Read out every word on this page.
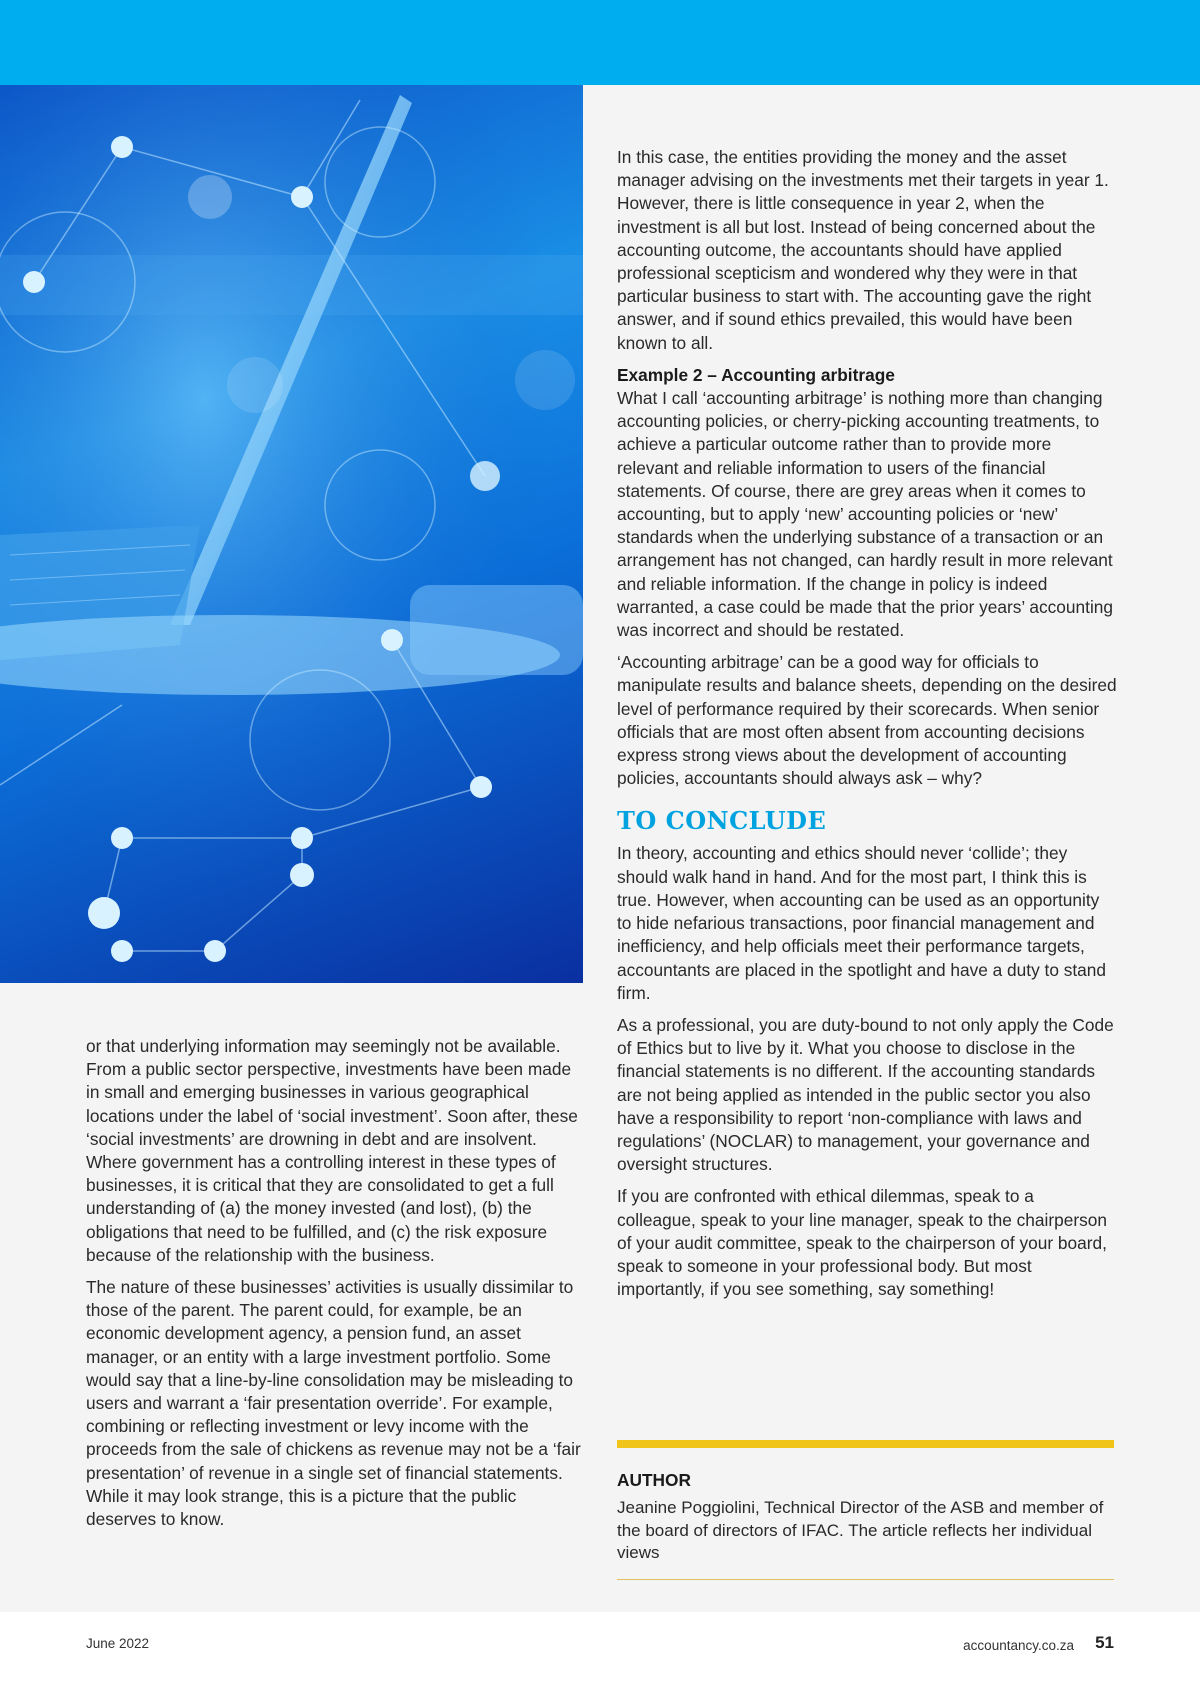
or that underlying information may seemingly not be available. From a public sector perspective, investments have been made in small and emerging businesses in various geographical locations under the label of ‘social investment’. Soon after, these ‘social investments’ are drowning in debt and are insolvent. Where government has a controlling interest in these types of businesses, it is critical that they are consolidated to get a full understanding of (a) the money invested (and lost), (b) the obligations that need to be fulfilled, and (c) the risk exposure because of the relationship with the business.

The nature of these businesses’ activities is usually dissimilar to those of the parent. The parent could, for example, be an economic development agency, a pension fund, an asset manager, or an entity with a large investment portfolio. Some would say that a line-by-line consolidation may be misleading to users and warrant a ‘fair presentation override’. For example, combining or reflecting investment or levy income with the proceeds from the sale of chickens as revenue may not be a ‘fair presentation’ of revenue in a single set of financial statements. While it may look strange, this is a picture that the public deserves to know.

In this case, the entities providing the money and the asset manager advising on the investments met their targets in year 1. However, there is little consequence in year 2, when the investment is all but lost. Instead of being concerned about the accounting outcome, the accountants should have applied professional scepticism and wondered why they were in that particular business to start with. The accounting gave the right answer, and if sound ethics prevailed, this would have been known to all.

Example 2 – Accounting arbitrage

What I call ‘accounting arbitrage’ is nothing more than changing accounting policies, or cherry-picking accounting treatments, to achieve a particular outcome rather than to provide more relevant and reliable information to users of the financial statements. Of course, there are grey areas when it comes to accounting, but to apply ‘new’ accounting policies or ‘new’ standards when the underlying substance of a transaction or an arrangement has not changed, can hardly result in more relevant and reliable information. If the change in policy is indeed warranted, a case could be made that the prior years’ accounting was incorrect and should be restated.

‘Accounting arbitrage’ can be a good way for officials to manipulate results and balance sheets, depending on the desired level of performance required by their scorecards. When senior officials that are most often absent from accounting decisions express strong views about the development of accounting policies, accountants should always ask – why?

TO CONCLUDE

In theory, accounting and ethics should never ‘collide’; they should walk hand in hand. And for the most part, I think this is true. However, when accounting can be used as an opportunity to hide nefarious transactions, poor financial management and inefficiency, and help officials meet their performance targets, accountants are placed in the spotlight and have a duty to stand firm.

As a professional, you are duty-bound to not only apply the Code of Ethics but to live by it. What you choose to disclose in the financial statements is no different. If the accounting standards are not being applied as intended in the public sector you also have a responsibility to report ‘non-compliance with laws and regulations’ (NOCLAR) to management, your governance and oversight structures.

If you are confronted with ethical dilemmas, speak to a colleague, speak to your line manager, speak to the chairperson of your audit committee, speak to the chairperson of your board, speak to someone in your professional body. But most importantly, if you see something, say something!

AUTHOR

Jeanine Poggiolini, Technical Director of the ASB and member of the board of directors of IFAC. The article reflects her individual views

June 2022	accountancy.co.za 51
